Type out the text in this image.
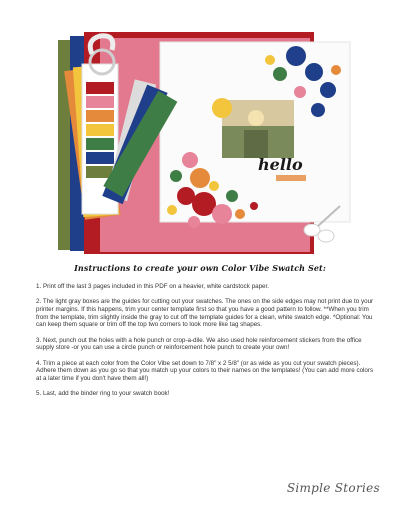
hello
Instructions to create your own Color Vibe Swatch Set:

1. Print off the last 3 pages included in this PDF on a heavier, white cardstock paper.

2. The light gray boxes are the guides for cutting out your swatches. The ones on the side edges may not print due to your printer margins. If this happens, trim your center template first so that you have a good pattern to follow. **When you trim from the template, trim slightly inside the gray to cut off the template guides for a clean, white swatch edge. *Optional: You can keep them square or trim off the top two corners to look more like tag shapes.

3. Next, punch out the holes with a hole punch or crop-a-dile. We also used hole reinforcement stickers from the office supply store -or you can use a circle punch or reinforcement hole punch to create your own!

4. Trim a piece at each color from the Color Vibe set down to 7/8" x 2 5/8" (or as wide as you cut your swatch pieces). Adhere them down as you go so that you match up your colors to their names on the templates! (You can add more colors at a later time if you don't have them all!)

5. Last, add the binder ring to your swatch book!

Simple Stories
